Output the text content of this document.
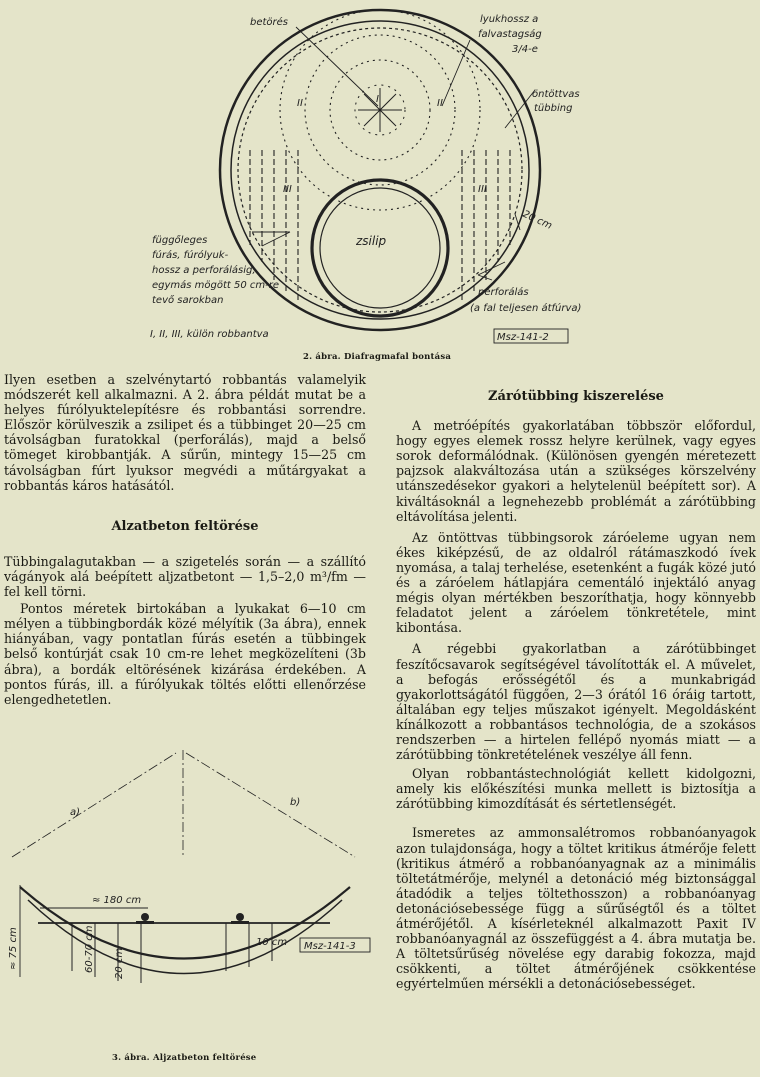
betörés	lyukhossz a
falvastagság
3/4-e
öntöttvas
tübbing
20 cm
zsilip
függőleges
fúrás, fúrólyuk-
hossz a perforálásig,
egymás mögött 50 cm-re
tevő sarokban
perforálás
(a fal teljesen átfúrva)
I, II, III, külön robbantva	Msz-141-2
II	II
III	III
I
2. ábra. Diafragmafal bontása

Ilyen esetben a szelvénytartó robbantás valamelyik módszerét kell alkalmazni. A 2. ábra példát mutat be a helyes fúrólyuktelepítésre és robbantási sorrendre. Először körülveszik a zsilipet és a tübbinget 20—25 cm távolságban furatokkal (perforálás), majd a belső tömeget kirobbantják. A sűrűn, mintegy 15—25 cm távolságban fúrt lyuksor megvédi a műtárgyakat a robbantás káros hatásától.

Alzatbeton feltörése

Tübbingalagutakban — a szigetelés során — a szállító vágányok alá beépített aljzatbetont — 1,5–2,0 m³/fm — fel kell törni.

Pontos méretek birtokában a lyukakat 6—10 cm mélyen a tübbingbordák közé mélyítik (3a ábra), ennek hiányában, vagy pontatlan fúrás esetén a tübbingek belső kontúrját csak 10 cm-re lehet megközelíteni (3b ábra), a bordák eltörésének kizárása érdekében. A pontos fúrás, ill. a fúrólyukak töltés előtti ellenőrzése elengedhetetlen.

a)
b)
≈ 180 cm
≈ 75 cm	60-70 cm 20 cm
10 cm Msz-141-3
3. ábra. Aljzatbeton feltörése
Zárótübbing kiszerelése

A metróépítés gyakorlatában többször előfordul, hogy egyes elemek rossz helyre kerülnek, vagy egyes sorok deformálódnak. (Különösen gyengén méretezett pajzsok alakváltozása után a szükséges körszelvény utánszedésekor gyakori a helytelenül beépített sor). A kiváltásoknál a legnehezebb problémát a zárótübbing eltávolítása jelenti.

Az öntöttvas tübbingsorok záróeleme ugyan nem ékes kiképzésű, de az oldalról rátámaszkodó ívek nyomása, a talaj terhelése, esetenként a fugák közé jutó és a záróelem hátlapjára cementáló injektáló anyag mégis olyan mértékben beszoríthatja, hogy könnyebb feladatot jelent a záróelem tönkretétele, mint kibontása.

A régebbi gyakorlatban a zárótübbinget feszítőcsavarok segítségével távolították el. A művelet, a befogás erősségétől és a munkabrigád gyakorlottságától függően, 2—3 órától 16 óráig tartott, általában egy teljes műszakot igényelt. Megoldásként kínálkozott a robbantásos technológia, de a szokásos rendszerben — a hirtelen fellépő nyomás miatt — a zárótübbing tönkretételének veszélye áll fenn.

Olyan robbantástechnológiát kellett kidolgozni, amely kis előkészítési munka mellett is biztosítja a zárótübbing kimozdítását és sértetlenségét.

Ismeretes az ammonsalétromos robbanóanyagok azon tulajdonsága, hogy a töltet kritikus átmérője felett (kritikus átmérő a robbanóanyagnak az a minimális töltetátmérője, melynél a detonáció még biztonsággal átadódik a teljes töltethosszon) a robbanóanyag detonációsebessége függ a sűrűségtől és a töltet átmérőjétől. A kísérleteknél alkalmazott Paxit IV robbanóanyagnál az összefüggést a 4. ábra mutatja be. A töltetsűrűség növelése egy darabig fokozza, majd csökkenti, a töltet átmérőjének csökkentése egyértelműen mérsékli a detonációsebességet.
